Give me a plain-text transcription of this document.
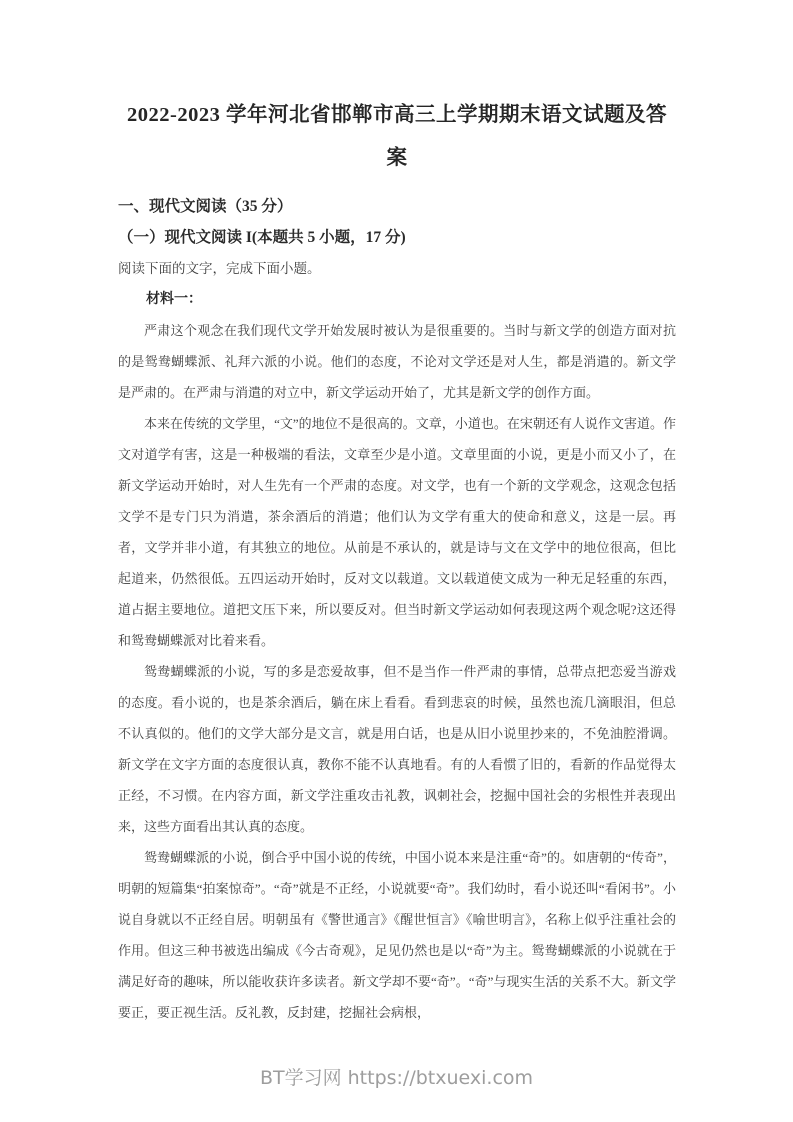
2022-2023 学年河北省邯郸市高三上学期期末语文试题及答案
一、现代文阅读（35 分）
（一）现代文阅读 I(本题共 5 小题，17 分)
阅读下面的文字，完成下面小题。
材料一：

严肃这个观念在我们现代文学开始发展时被认为是很重要的。当时与新文学的创造方面对抗的是鸳鸯蝴蝶派、礼拜六派的小说。他们的态度，不论对文学还是对人生，都是消遣的。新文学是严肃的。在严肃与消遣的对立中，新文学运动开始了，尤其是新文学的创作方面。

本来在传统的文学里，“文”的地位不是很高的。文章，小道也。在宋朝还有人说作文害道。作文对道学有害，这是一种极端的看法，文章至少是小道。文章里面的小说，更是小而又小了，在新文学运动开始时，对人生先有一个严肃的态度。对文学，也有一个新的文学观念，这观念包括文学不是专门只为消遣，茶余酒后的消遣；他们认为文学有重大的使命和意义，这是一层。再者，文学并非小道，有其独立的地位。从前是不承认的，就是诗与文在文学中的地位很高，但比起道来，仍然很低。五四运动开始时，反对文以载道。文以载道使文成为一种无足轻重的东西，道占据主要地位。道把文压下来，所以要反对。但当时新文学运动如何表现这两个观念呢?这还得和鸳鸯蝴蝶派对比着来看。

鸳鸯蝴蝶派的小说，写的多是恋爱故事，但不是当作一件严肃的事情，总带点把恋爱当游戏的态度。看小说的，也是茶余酒后，躺在床上看看。看到悲哀的时候，虽然也流几滴眼泪，但总不认真似的。他们的文学大部分是文言，就是用白话，也是从旧小说里抄来的，不免油腔滑调。新文学在文字方面的态度很认真，教你不能不认真地看。有的人看惯了旧的，看新的作品觉得太正经，不习惯。在内容方面，新文学注重攻击礼教，讽刺社会，挖掘中国社会的劣根性并表现出来，这些方面看出其认真的态度。

鸳鸯蝴蝶派的小说，倒合乎中国小说的传统，中国小说本来是注重“奇”的。如唐朝的“传奇”，明朝的短篇集“拍案惊奇”。“奇”就是不正经，小说就要“奇”。我们幼时，看小说还叫“看闲书”。小说自身就以不正经自居。明朝虽有《警世通言》《醒世恒言》《喻世明言》，名称上似乎注重社会的作用。但这三种书被选出编成《今古奇观》，足见仍然也是以“奇”为主。鸳鸯蝴蝶派的小说就在于满足好奇的趣味，所以能收获许多读者。新文学却不要“奇”。“奇”与现实生活的关系不大。新文学要正，要正视生活。反礼教，反封建，挖掘社会病根，

BT学习网 https://btxuexi.com
